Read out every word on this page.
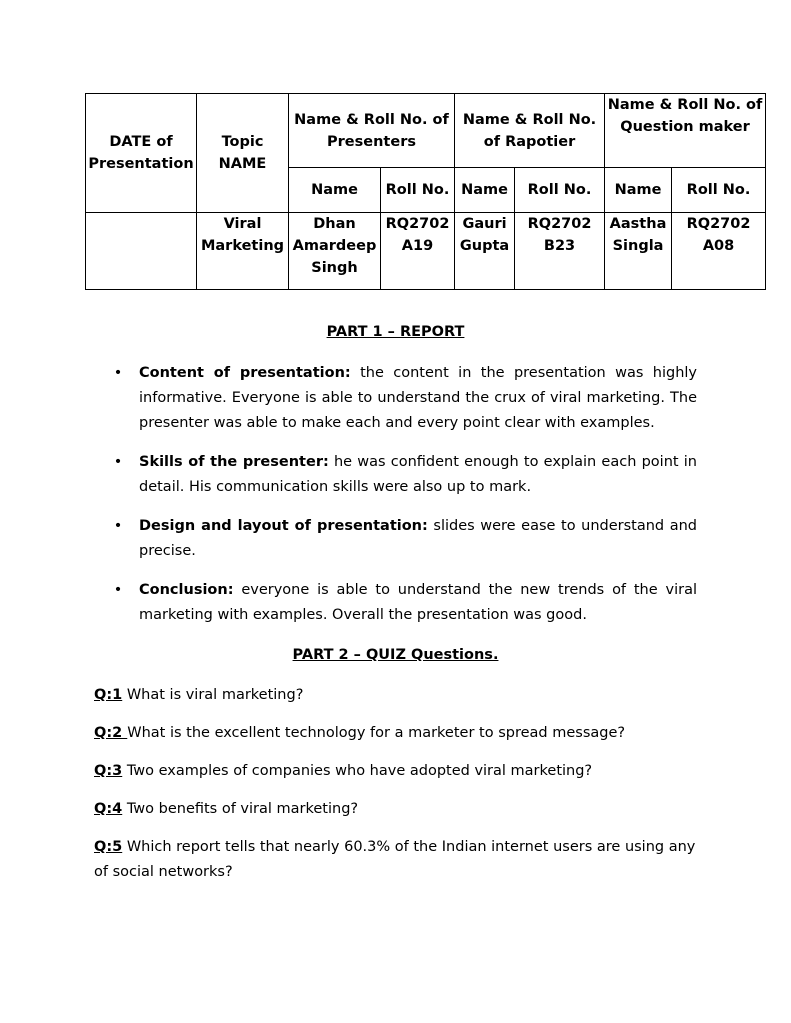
DATE of Presentation	Topic NAME	Name & Roll No. of Presenters		Name & Roll No. of Rapotier		Name & Roll No. of Question maker	
		Name	Roll No.	Name	Roll No.	Name	Roll No.
	Viral Marketing	Dhan Amardeep Singh	RQ2702 A19	Gauri Gupta	RQ2702 B23	Aastha Singla	RQ2702 A08
PART 1 – REPORT
• Content of presentation: the content in the presentation was highly informative. Everyone is able to understand the crux of viral marketing. The presenter was able to make each and every point clear with examples.
• Skills of the presenter: he was confident enough to explain each point in detail. His communication skills were also up to mark.
• Design and layout of presentation: slides were ease to understand and precise.
• Conclusion: everyone is able to understand the new trends of the viral marketing with examples. Overall the presentation was good.
PART 2 – QUIZ Questions.

Q:1 What is viral marketing?

Q:2 What is the excellent technology for a marketer to spread message?

Q:3 Two examples of companies who have adopted viral marketing?

Q:4 Two benefits of viral marketing?

Q:5 Which report tells that nearly 60.3% of the Indian internet users are using any of social networks?
